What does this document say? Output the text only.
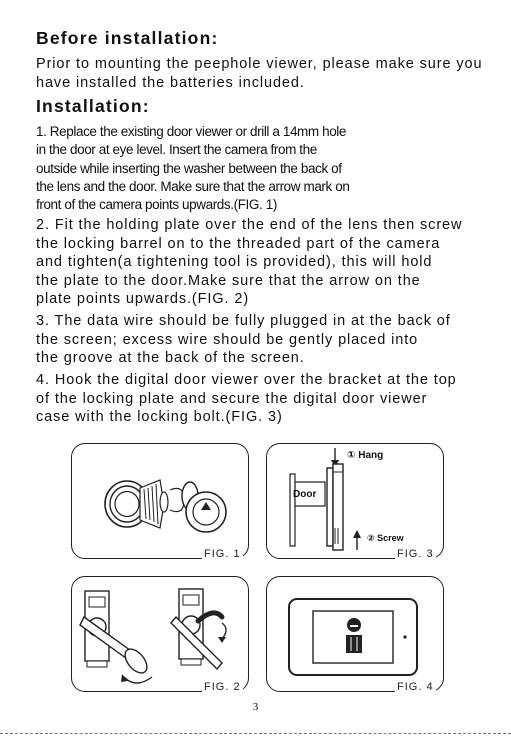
Before installation:
Prior to mounting the peephole viewer, please make sure you have installed the batteries included.
Installation:
1. Replace the existing door viewer or drill a 14mm hole
in the door at eye level. Insert the camera from the
outside while inserting the washer between the back of
the lens and the door. Make sure that the arrow mark on
front of the camera points upwards.(FIG. 1)
2. Fit the holding plate over the end of the lens then screw
the locking barrel on to the threaded part of the camera
and tighten(a tightening tool is provided), this will hold
the plate to the door.Make sure that the arrow on the
plate points upwards.(FIG. 2)
3. The data wire should be fully plugged in at the back of
the screen; excess wire should be gently placed into
the groove at the back of the screen.
4. Hook the digital door viewer over the bracket at the top
of the locking plate and secure the digital door viewer
case with the locking bolt.(FIG. 3)
FIG. 1
Door
① Hang
② Screw
FIG. 3
FIG. 2	FIG. 4
3
